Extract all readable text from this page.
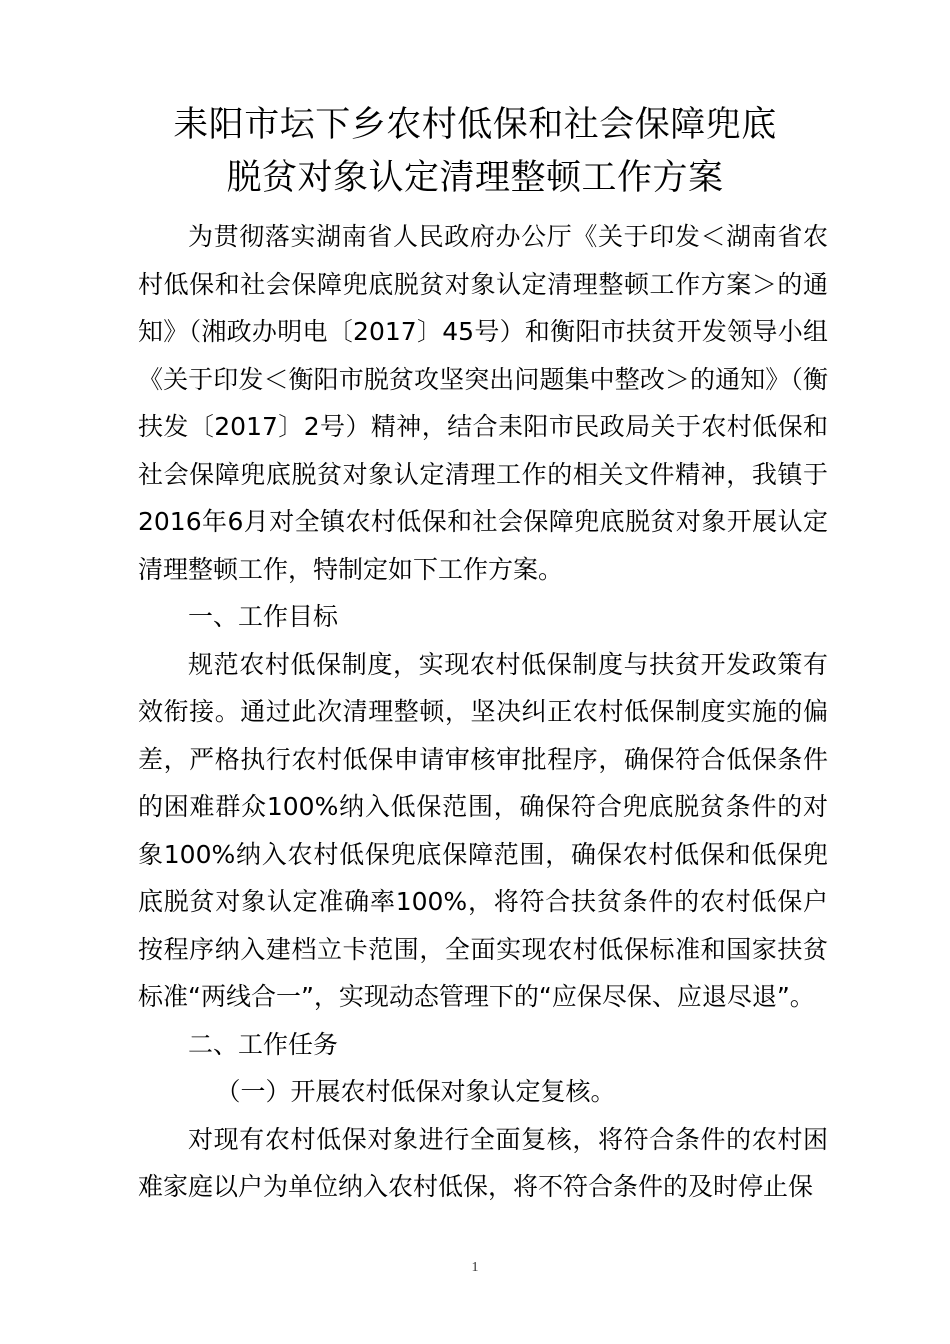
耒阳市坛下乡农村低保和社会保障兜底
脱贫对象认定清理整顿工作方案

为贯彻落实湖南省人民政府办公厅《关于印发＜湖南省农村低保和社会保障兜底脱贫对象认定清理整顿工作方案＞的通知》（湘政办明电〔2017〕45号）和衡阳市扶贫开发领导小组《关于印发＜衡阳市脱贫攻坚突出问题集中整改＞的通知》（衡扶发〔2017〕2号）精神，结合耒阳市民政局关于农村低保和社会保障兜底脱贫对象认定清理工作的相关文件精神，我镇于2016年6月对全镇农村低保和社会保障兜底脱贫对象开展认定清理整顿工作，特制定如下工作方案。

一、工作目标

规范农村低保制度，实现农村低保制度与扶贫开发政策有效衔接。通过此次清理整顿，坚决纠正农村低保制度实施的偏差，严格执行农村低保申请审核审批程序，确保符合低保条件的困难群众100%纳入低保范围，确保符合兜底脱贫条件的对象100%纳入农村低保兜底保障范围，确保农村低保和低保兜底脱贫对象认定准确率100%，将符合扶贫条件的农村低保户按程序纳入建档立卡范围，全面实现农村低保标准和国家扶贫标准“两线合一”，实现动态管理下的“应保尽保、应退尽退”。

二、工作任务

（一）开展农村低保对象认定复核。

对现有农村低保对象进行全面复核，将符合条件的农村困难家庭以户为单位纳入农村低保，将不符合条件的及时停止保

1
